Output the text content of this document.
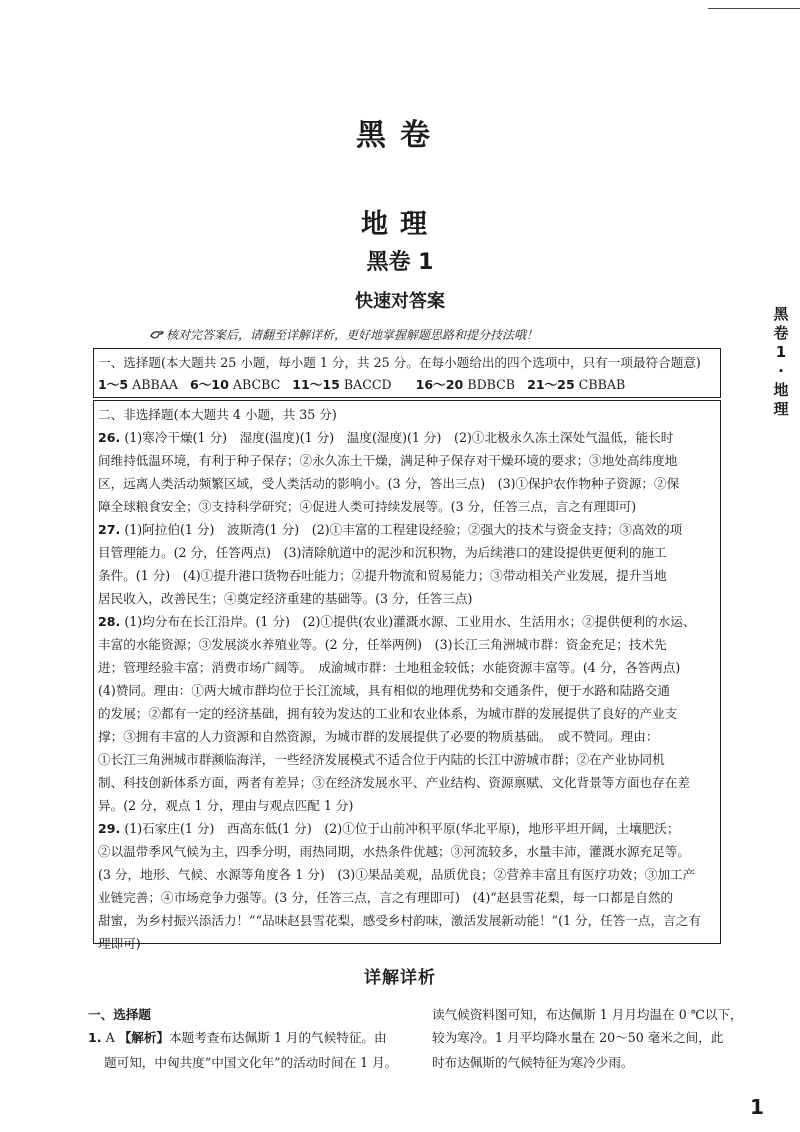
黑卷
地理
黑卷 1
快速对答案
核对完答案后，请翻至详解详析，更好地掌握解题思路和提分技法哦！
黑
卷
1
·
地
理
一、选择题(本大题共 25 小题，每小题 1 分，共 25 分。在每小题给出的四个选项中，只有一项最符合题意)
1～5 ABBAA 6～10 ABCBC 11～15 BACCD 16～20 BDBCB 21～25 CBBAB
二、非选择题(本大题共 4 小题，共 35 分)
26. (1)寒冷干燥(1 分)　湿度(温度)(1 分)　温度(湿度)(1 分)　(2)①北极永久冻土深处气温低，能长时
间维持低温环境，有利于种子保存；②永久冻土干燥，满足种子保存对干燥环境的要求；③地处高纬度地
区，远离人类活动频繁区域，受人类活动的影响小。(3 分，答出三点)　(3)①保护农作物种子资源；②保
障全球粮食安全；③支持科学研究；④促进人类可持续发展等。(3 分，任答三点，言之有理即可)
27. (1)阿拉伯(1 分)　波斯湾(1 分)　(2)①丰富的工程建设经验；②强大的技术与资金支持；③高效的项
目管理能力。(2 分，任答两点)　(3)清除航道中的泥沙和沉积物，为后续港口的建设提供更便利的施工
条件。(1 分)　(4)①提升港口货物吞吐能力；②提升物流和贸易能力；③带动相关产业发展，提升当地
居民收入，改善民生；④奠定经济重建的基础等。(3 分，任答三点)
28. (1)均分布在长江沿岸。(1 分)　(2)①提供(农业)灌溉水源、工业用水、生活用水；②提供便利的水运、
丰富的水能资源；③发展淡水养殖业等。(2 分，任举两例)　(3)长江三角洲城市群：资金充足；技术先
进；管理经验丰富；消费市场广阔等。　成渝城市群：土地租金较低；水能资源丰富等。(4 分，各答两点)
(4)赞同。理由：①两大城市群均位于长江流域，具有相似的地理优势和交通条件，便于水路和陆路交通
的发展；②都有一定的经济基础，拥有较为发达的工业和农业体系，为城市群的发展提供了良好的产业支
撑；③拥有丰富的人力资源和自然资源，为城市群的发展提供了必要的物质基础。　或不赞同。理由：
①长江三角洲城市群濒临海洋，一些经济发展模式不适合位于内陆的长江中游城市群；②在产业协同机
制、科技创新体系方面，两者有差异；③在经济发展水平、产业结构、资源禀赋、文化背景等方面也存在差
异。(2 分，观点 1 分，理由与观点匹配 1 分)
29. (1)石家庄(1 分)　西高东低(1 分)　(2)①位于山前冲积平原(华北平原)，地形平坦开阔，土壤肥沃；
②以温带季风气候为主，四季分明，雨热同期，水热条件优越；③河流较多，水量丰沛，灌溉水源充足等。
(3 分，地形、气候、水源等角度各 1 分)　(3)①果品美观，品质优良；②营养丰富且有医疗功效；③加工产
业链完善；④市场竞争力强等。(3 分，任答三点，言之有理即可)　(4)“赵县雪花梨，每一口都是自然的
甜蜜，为乡村振兴添活力！”“品味赵县雪花梨，感受乡村韵味，激活发展新动能！”(1 分，任答一点，言之有
理即可)
详解详析
一、选择题
1. A 【解析】本题考查布达佩斯 1 月的气候特征。由
题可知，中匈共度“中国文化年”的活动时间在 1 月。
读气候资料图可知，布达佩斯 1 月月均温在 0 ℃以下，
较为寒冷。1 月平均降水量在 20～50 毫米之间，此
时布达佩斯的气候特征为寒冷少雨。
1
